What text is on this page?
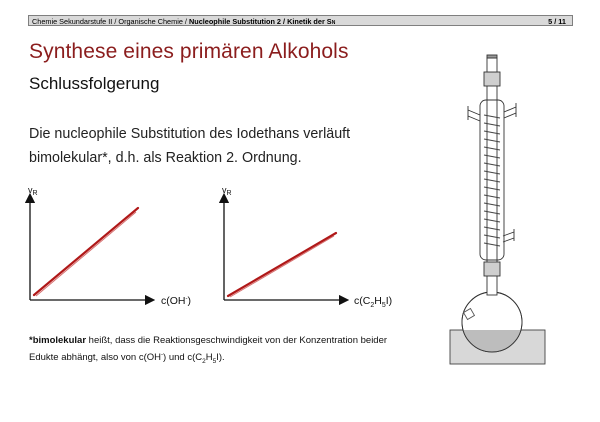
Chemie Sekundarstufe II / Organische Chemie / Nucleophile Substitution 2 / Kinetik der SN	5 / 11
Synthese eines primären Alkohols
Schlussfolgerung
Die nucleophile Substitution des Iodethans verläuft
bimolekular*, d.h. als Reaktion 2. Ordnung.
$v_R$
c(OH-)
$v_R$
$c(C_2H_5I)$
*bimolekular heißt, dass die Reaktionsgeschwindigkeit von der Konzentration beider Edukte abhängt, also von c(OH-) und $c(C_2H_5I)$.
